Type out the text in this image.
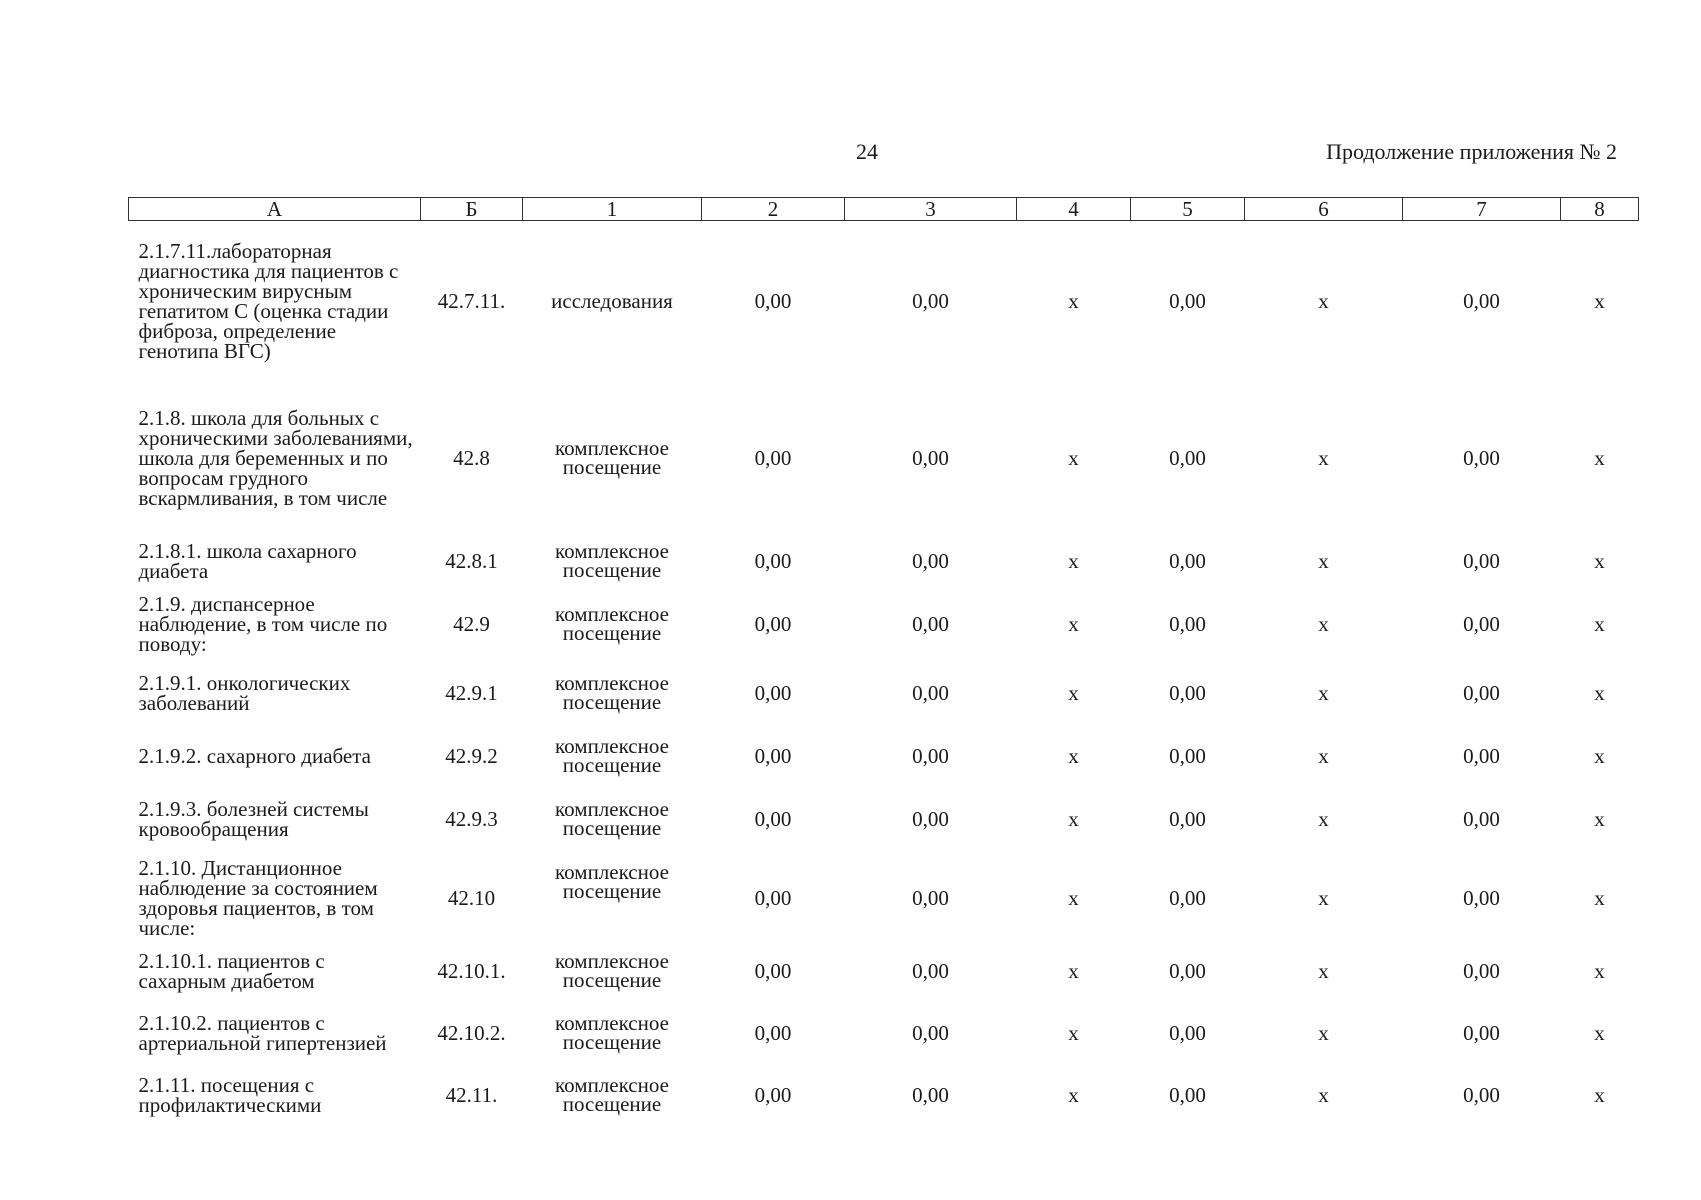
24	Продолжение приложения № 2
А	Б	1	2	3	4	5	6	7	8
2.1.7.11.лабораторная диагностика для пациентов с хроническим вирусным гепатитом С (оценка стадии фиброза, определение генотипа ВГС)	42.7.11.	исследования	0,00	0,00	х	0,00	х	0,00	х
2.1.8. школа для больных с хроническими заболеваниями, школа для беременных и по вопросам грудного вскармливания, в том числе	42.8	комплексное посещение	0,00	0,00	х	0,00	х	0,00	х
2.1.8.1. школа сахарного диабета	42.8.1	комплексное посещение	0,00	0,00	х	0,00	х	0,00	х
2.1.9. диспансерное наблюдение, в том числе по поводу:	42.9	комплексное посещение	0,00	0,00	х	0,00	х	0,00	х
2.1.9.1. онкологических заболеваний	42.9.1	комплексное посещение	0,00	0,00	х	0,00	х	0,00	х
2.1.9.2. сахарного диабета	42.9.2	комплексное посещение	0,00	0,00	х	0,00	х	0,00	х
2.1.9.3. болезней системы кровообращения	42.9.3	комплексное посещение	0,00	0,00	х	0,00	х	0,00	х
2.1.10. Дистанционное наблюдение за состоянием здоровья пациентов, в том числе:	42.10	комплексное посещение	0,00	0,00	х	0,00	х	0,00	х
2.1.10.1. пациентов с сахарным диабетом	42.10.1.	комплексное посещение	0,00	0,00	х	0,00	х	0,00	х
2.1.10.2. пациентов с артериальной гипертензией	42.10.2.	комплексное посещение	0,00	0,00	х	0,00	х	0,00	х
2.1.11. посещения с профилактическими	42.11.	комплексное посещение	0,00	0,00	х	0,00	х	0,00	х
